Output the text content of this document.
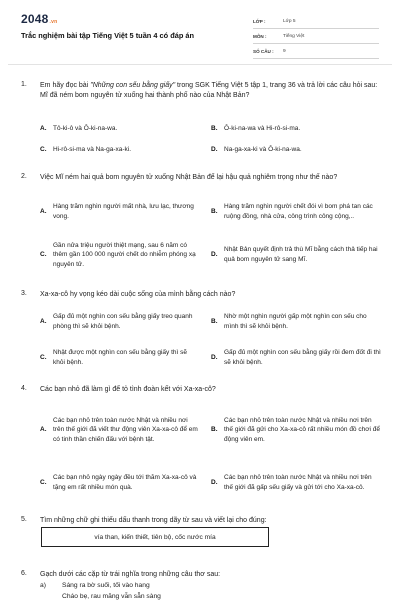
2048.vn
Trắc nghiệm bài tập Tiếng Việt 5 tuần 4 có đáp án
LỚP :	Lớp 5
MÔN :	Tiếng Việt
SỐ CÂU :	9
1. Em hãy đọc bài "Những con sếu bằng giấy" trong SGK Tiếng Việt 5 tập 1, trang 36 và trả lời các câu hỏi sau:
Mĩ đã ném bom nguyên tử xuống hai thành phố nào của Nhật Bản?
A.	Tô-ki-ô và Ô-ki-na-wa.	B.	Ô-ki-na-wa và Hi-rô-si-ma.
C.	Hi-rô-si-ma và Na-ga-xa-ki.	D.	Na-ga-xa-ki và Ô-ki-na-wa.
2. Việc Mĩ ném hai quả bom nguyên tử xuống Nhật Bản để lại hậu quả nghiêm trọng như thế nào?
A.
Hàng trăm nghìn người mất nhà, lưu lạc, thương vong.
B.
Hàng trăm nghìn người chết đói vì bom phá tan các ruộng đồng, nhà cửa, công trình công cộng,..
C.
Gần nửa triệu người thiệt mạng, sau 6 năm có thêm gần 100 000 người chết do nhiễm phóng xạ nguyên tử.
D.
Nhật Bản quyết định trả thù Mĩ bằng cách thả tiếp hai quả bom nguyên tử sang Mĩ.
3. Xa-xa-cô hy vọng kéo dài cuộc sống của mình bằng cách nào?
A.
Gấp đủ một nghìn con sếu bằng giấy treo quanh phòng thì sẽ khỏi bệnh.
B.
Nhờ một nghìn người gấp một nghìn con sếu cho mình thì sẽ khỏi bệnh.
C.
Nhật được một nghìn con sếu bằng giấy thì sẽ khỏi bệnh.
D.
Gấp đủ một nghìn con sếu bằng giấy rồi đem đốt đi thì sẽ khỏi bệnh.
4. Các bạn nhỏ đã làm gì để tỏ tình đoàn kết với Xa-xa-cô?
A.
Các bạn nhỏ trên toàn nước Nhật và nhiều nơi trên thế giới đã viết thư động viên Xa-xa-cô để em có tinh thần chiến đấu với bệnh tật.
B.
Các bạn nhỏ trên toàn nước Nhật và nhiều nơi trên thế giới đã gửi cho Xa-xa-cô rất nhiều món đồ chơi để động viên em.
C.
Các bạn nhỏ ngày ngày đều tới thăm Xa-xa-cô và tặng em rất nhiều món quà.
D.
Các bạn nhỏ trên toàn nước Nhật và nhiều nơi trên thế giới đã gấp sếu giấy và gửi tới cho Xa-xa-cô.
5. Tìm những chữ ghi thiếu dấu thanh trong dãy từ sau và viết lại cho đúng:
vía than, kiến thiết, tiên bộ, cốc nước mía
6. Gạch dưới các cặp từ trái nghĩa trong những câu thơ sau:
a) Sáng ra bờ suối, tối vào hang
Cháo bẹ, rau măng vẫn sẵn sàng
